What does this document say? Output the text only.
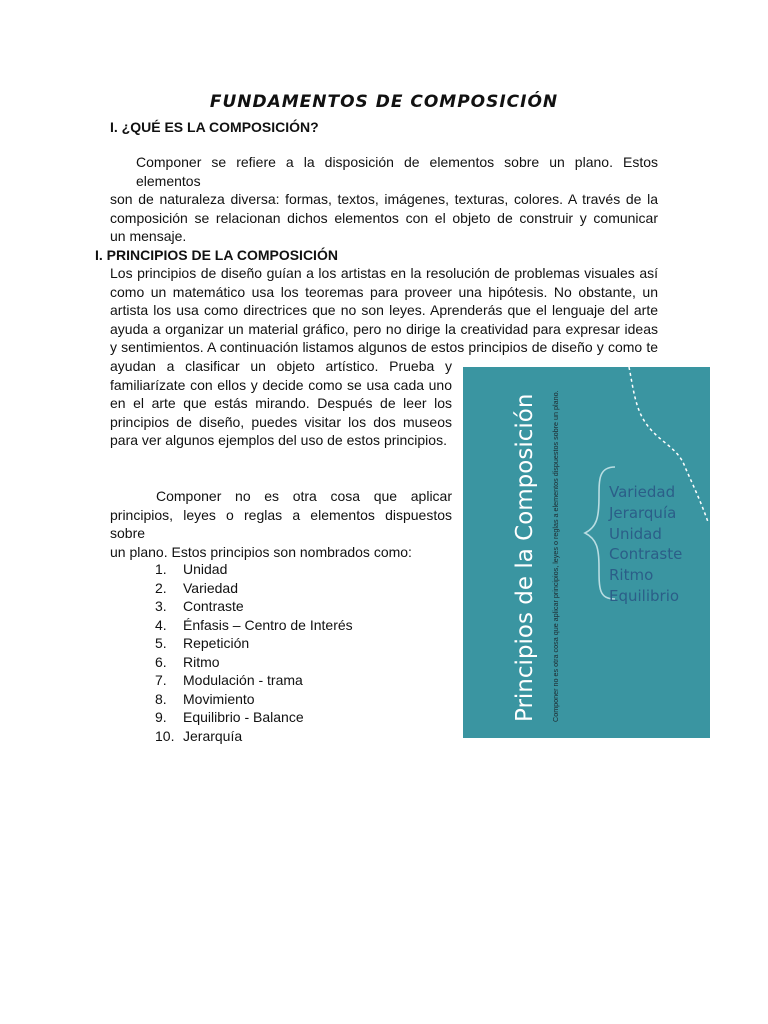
FUNDAMENTOS DE COMPOSICIÓN
I. ¿QUÉ ES LA COMPOSICIÓN?
Componer se refiere a la disposición de elementos sobre un plano. Estos elementos
son de naturaleza diversa: formas, textos, imágenes, texturas, colores. A través de la
composición se relacionan dichos elementos con el objeto de construir y comunicar
un mensaje.
I. PRINCIPIOS DE LA COMPOSICIÓN
Los principios de diseño guían a los artistas en la resolución de problemas visuales así
como un matemático usa los teoremas para proveer una hipótesis. No obstante, un
artista los usa como directrices que no son leyes. Aprenderás que el lenguaje del arte
ayuda a organizar un material gráfico, pero no dirige la creatividad para expresar ideas
y sentimientos. A continuación listamos algunos de estos principios de diseño y como te
ayudan a clasificar un objeto artístico. Prueba y
familiarízate con ellos y decide como se usa cada uno
en el arte que estás mirando. Después de leer los
principios de diseño, puedes visitar los dos museos
para ver algunos ejemplos del uso de estos principios.
Componer no es otra cosa que aplicar
principios, leyes o reglas a elementos dispuestos sobre
un plano. Estos principios son nombrados como:
1. Unidad
2. Variedad
3. Contraste
4. Énfasis – Centro de Interés
5. Repetición
6. Ritmo
7. Modulación - trama
8. Movimiento
9. Equilibrio - Balance
10. Jerarquía
Principios de la Composición Componer no es otra cosa que aplicar principios, leyes o reglas a elementos dispuestos sobre un plano.	Variedad
Jerarquía
Unidad
Contraste
Ritmo
Equilibrio
